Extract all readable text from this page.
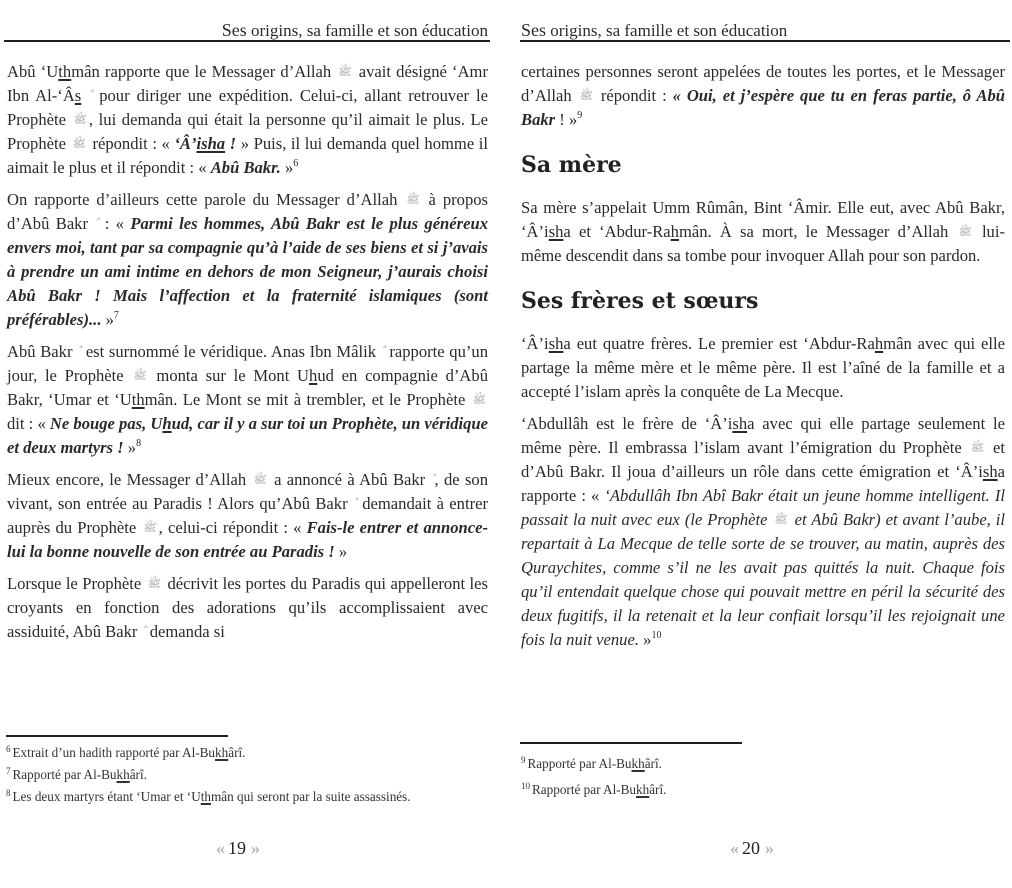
Ses origins, sa famille et son éducation

Abû ‘Uthmân rapporte que le Messager d’Allah ﷺ avait désigné ‘Amr Ibn Al-‘Âs  pour diriger une expédition. Celui-ci, allant retrouver le Prophète ﷺ , lui demanda qui était la personne qu’il aimait le plus. Le Prophète ﷺ répondit : « ‘Â’isha ! » Puis, il lui demanda quel homme il aimait le plus et il répondit : « Abû Bakr. »$^6$

On rapporte d’ailleurs cette parole du Messager d’Allah ﷺ à propos d’Abû Bakr  : « Parmi les hommes, Abû Bakr est le plus généreux envers moi, tant par sa compagnie qu’à l’aide de ses biens et si j’avais à prendre un ami intime en dehors de mon Seigneur, j’aurais choisi Abû Bakr ! Mais l’affection et la fraternité islamiques (sont préférables)... »$^7$

Abû Bakr  est surnommé le véridique. Anas Ibn Mâlik  rapporte qu’un jour, le Prophète ﷺ monta sur le Mont Uhud en compagnie d’Abû Bakr, ‘Umar et ‘Uthmân. Le Mont se mit à trembler, et le Prophète ﷺ dit : « Ne bouge pas, Uhud, car il y a sur toi un Prophète, un véridique et deux martyrs ! »$^8$

Mieux encore, le Messager d’Allah ﷺ a annoncé à Abû Bakr , de son vivant, son entrée au Paradis ! Alors qu’Abû Bakr  demandait à entrer auprès du Prophète ﷺ , celui-ci répondit : « Fais-le entrer et annonce-lui la bonne nouvelle de son entrée au Paradis ! »

Lorsque le Prophète ﷺ décrivit les portes du Paradis qui appelleront les croyants en fonction des adorations qu’ils accomplissaient avec assiduité, Abû Bakr  demanda si

$^6$ Extrait d’un hadith rapporté par Al-Bukhârî.
$^7$ Rapporté par Al-Bukhârî.
$^8$ Les deux martyrs étant ‘Umar et ‘Uthmân qui seront par la suite assassinés.
« 19 »
Ses origins, sa famille et son éducation

certaines personnes seront appelées de toutes les portes, et le Messager d’Allah ﷺ répondit : « Oui, et j’espère que tu en feras partie, ô Abû Bakr ! »$^9$

Sa mère

Sa mère s’appelait Umm Rûmân, Bint ‘Âmir. Elle eut, avec Abû Bakr, ‘Â’isha et ‘Abdur-Rahmân. À sa mort, le Messager d’Allah ﷺ lui-même descendit dans sa tombe pour invoquer Allah pour son pardon.

Ses frères et sœurs

‘Â’isha eut quatre frères. Le premier est ‘Abdur-Rahmân avec qui elle partage la même mère et le même père. Il est l’aîné de la famille et a accepté l’islam après la conquête de La Mecque.

‘Abdullâh est le frère de ‘Â’isha avec qui elle partage seulement le même père. Il embrassa l’islam avant l’émigration du Prophète ﷺ et d’Abû Bakr. Il joua d’ailleurs un rôle dans cette émigration et ‘Â’isha rapporte : « ‘Abdullâh Ibn Abî Bakr était un jeune homme intelligent. Il passait la nuit avec eux (le Prophète ﷺ et Abû Bakr) et avant l’aube, il repartait à La Mecque de telle sorte de se trouver, au matin, auprès des Quraychites, comme s’il ne les avait pas quittés la nuit. Chaque fois qu’il entendait quelque chose qui pouvait mettre en péril la sécurité des deux fugitifs, il la retenait et la leur confiait lorsqu’il les rejoignait une fois la nuit venue. »$^{10}$

$^9$ Rapporté par Al-Bukhârî.
$^{10}$ Rapporté par Al-Bukhârî.
« 20 »
